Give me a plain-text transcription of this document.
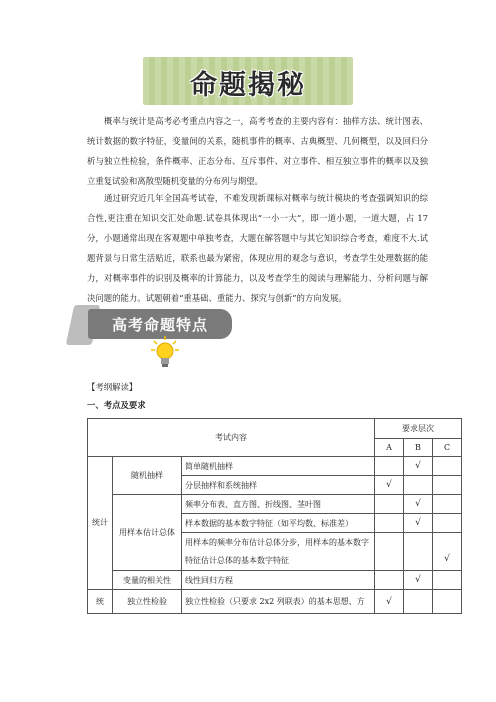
命题揭秘

概率与统计是高考必考重点内容之一，高考考查的主要内容有：抽样方法、统计图表、统计数据的数字特征，变量间的关系，随机事件的概率、古典概型、几何概型，以及回归分析与独立性检验，条件概率、正态分布、互斥事件、对立事件、相互独立事件的概率以及独立重复试验和离散型随机变量的分布列与期望。

通过研究近几年全国高考试卷，不难发现新课标对概率与统计模块的考查强调知识的综合性,更注重在知识交汇处命题.试卷具体现出“一小一大”，即一道小题，一道大题，占 17 分，小题通常出现在客观题中单独考查，大题在解答题中与其它知识综合考查，难度不大.试题背景与日常生活贴近，联系也最为紧密，体现应用的观念与意识，考查学生处理数据的能力，对概率事件的识别及概率的计算能力，以及考查学生的阅读与理解能力、分析问题与解决问题的能力。试题朝着“重基础、重能力、探究与创新”的方向发展。

高考命题特点
【考纲解读】
一、考点及要求
考试内容			要求层次		
			A	B	C
统计	随机抽样	简单随机抽样		√	
		分层抽样和系统抽样	√		
	用样本估计总体	频率分布表、直方图、折线图、茎叶图		√	
		样本数据的基本数字特征（如平均数、标准差）		√	
		用样本的频率分布估计总体分步，用样本的基本数字特征估计总体的基本数字特征			√
	变量的相关性	线性回归方程		√	
统	独立性检验	独立性检验（只要求 2x2 列联表）的基本思想、方	√		
